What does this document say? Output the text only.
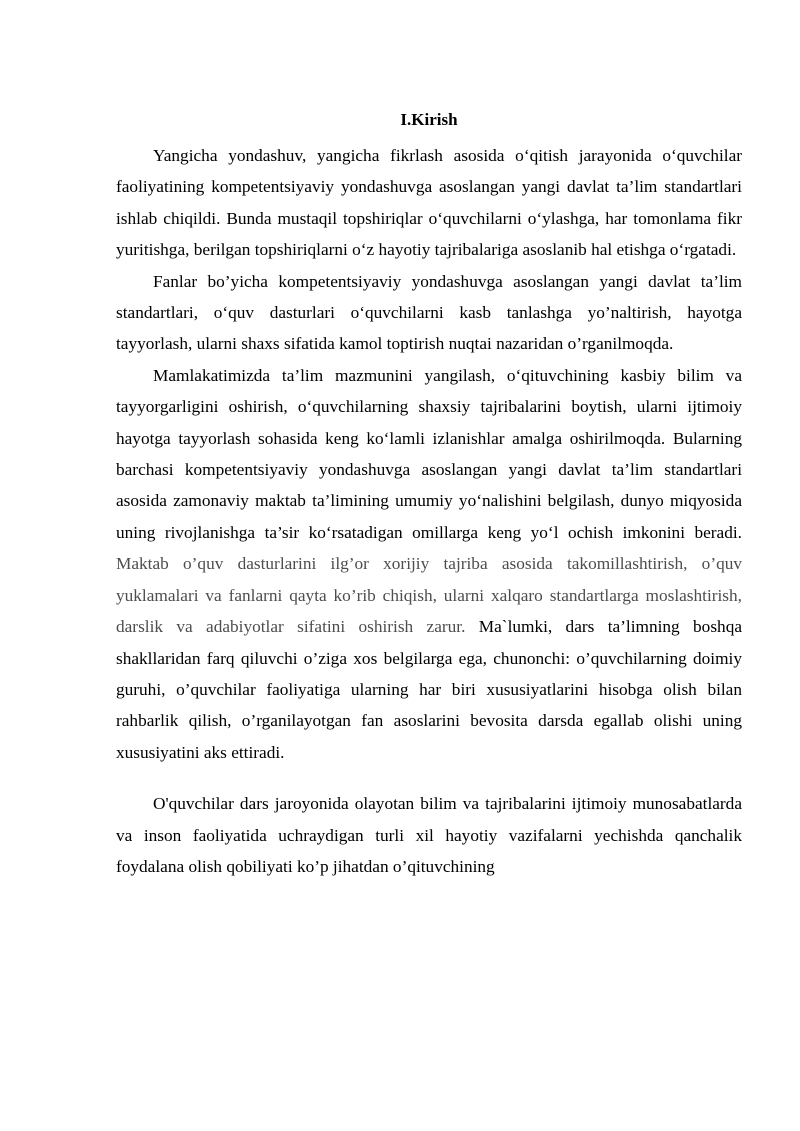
I.Kirish

Yangicha yondashuv, yangicha fikrlash asosida o‘qitish jarayonida o‘quvchilar faoliyatining kompetentsiyaviy yondashuvga asoslangan yangi davlat ta’lim standartlari ishlab chiqildi. Bunda mustaqil topshiriqlar o‘quvchilarni o‘ylashga, har tomonlama fikr yuritishga, berilgan topshiriqlarni o‘z hayotiy tajribalariga asoslanib hal etishga o‘rgatadi.

Fanlar bo’yicha kompetentsiyaviy yondashuvga asoslangan yangi davlat ta’lim standartlari, o‘quv dasturlari o‘quvchilarni kasb tanlashga yo’naltirish, hayotga tayyorlash, ularni shaxs sifatida kamol toptirish nuqtai nazaridan o’rganilmoqda.

Mamlakatimizda ta’lim mazmunini yangilash, o‘qituvchining kasbiy bilim va tayyorgarligini oshirish, o‘quvchilarning shaxsiy tajribalarini boytish, ularni ijtimoiy hayotga tayyorlash sohasida keng ko‘lamli izlanishlar amalga oshirilmoqda. Bularning barchasi kompetentsiyaviy yondashuvga asoslangan yangi davlat ta’lim standartlari asosida zamonaviy maktab ta’limining umumiy yo‘nalishini belgilash, dunyo miqyosida uning rivojlanishga ta’sir ko‘rsatadigan omillarga keng yo‘l ochish imkonini beradi. Maktab o’quv dasturlarini ilg’or xorijiy tajriba asosida takomillashtirish, o’quv yuklamalari va fanlarni qayta ko’rib chiqish, ularni xalqaro standartlarga moslashtirish, darslik va adabiyotlar sifatini oshirish zarur. Ma`lumki, dars ta’limning boshqa shakllaridan farq qiluvchi o’ziga xos belgilarga ega, chunonchi: o’quvchilarning doimiy guruhi, o’quvchilar faoliyatiga ularning har biri xususiyatlarini hisobga olish bilan rahbarlik qilish, o’rganilayotgan fan asoslarini bevosita darsda egallab olishi uning xususiyatini aks ettiradi.

O'quvchilar dars jaroyonida olayotan bilim va tajribalarini ijtimoiy munosabatlarda va inson faoliyatida uchraydigan turli xil hayotiy vazifalarni yechishda qanchalik foydalana olish qobiliyati ko’p jihatdan o’qituvchining
